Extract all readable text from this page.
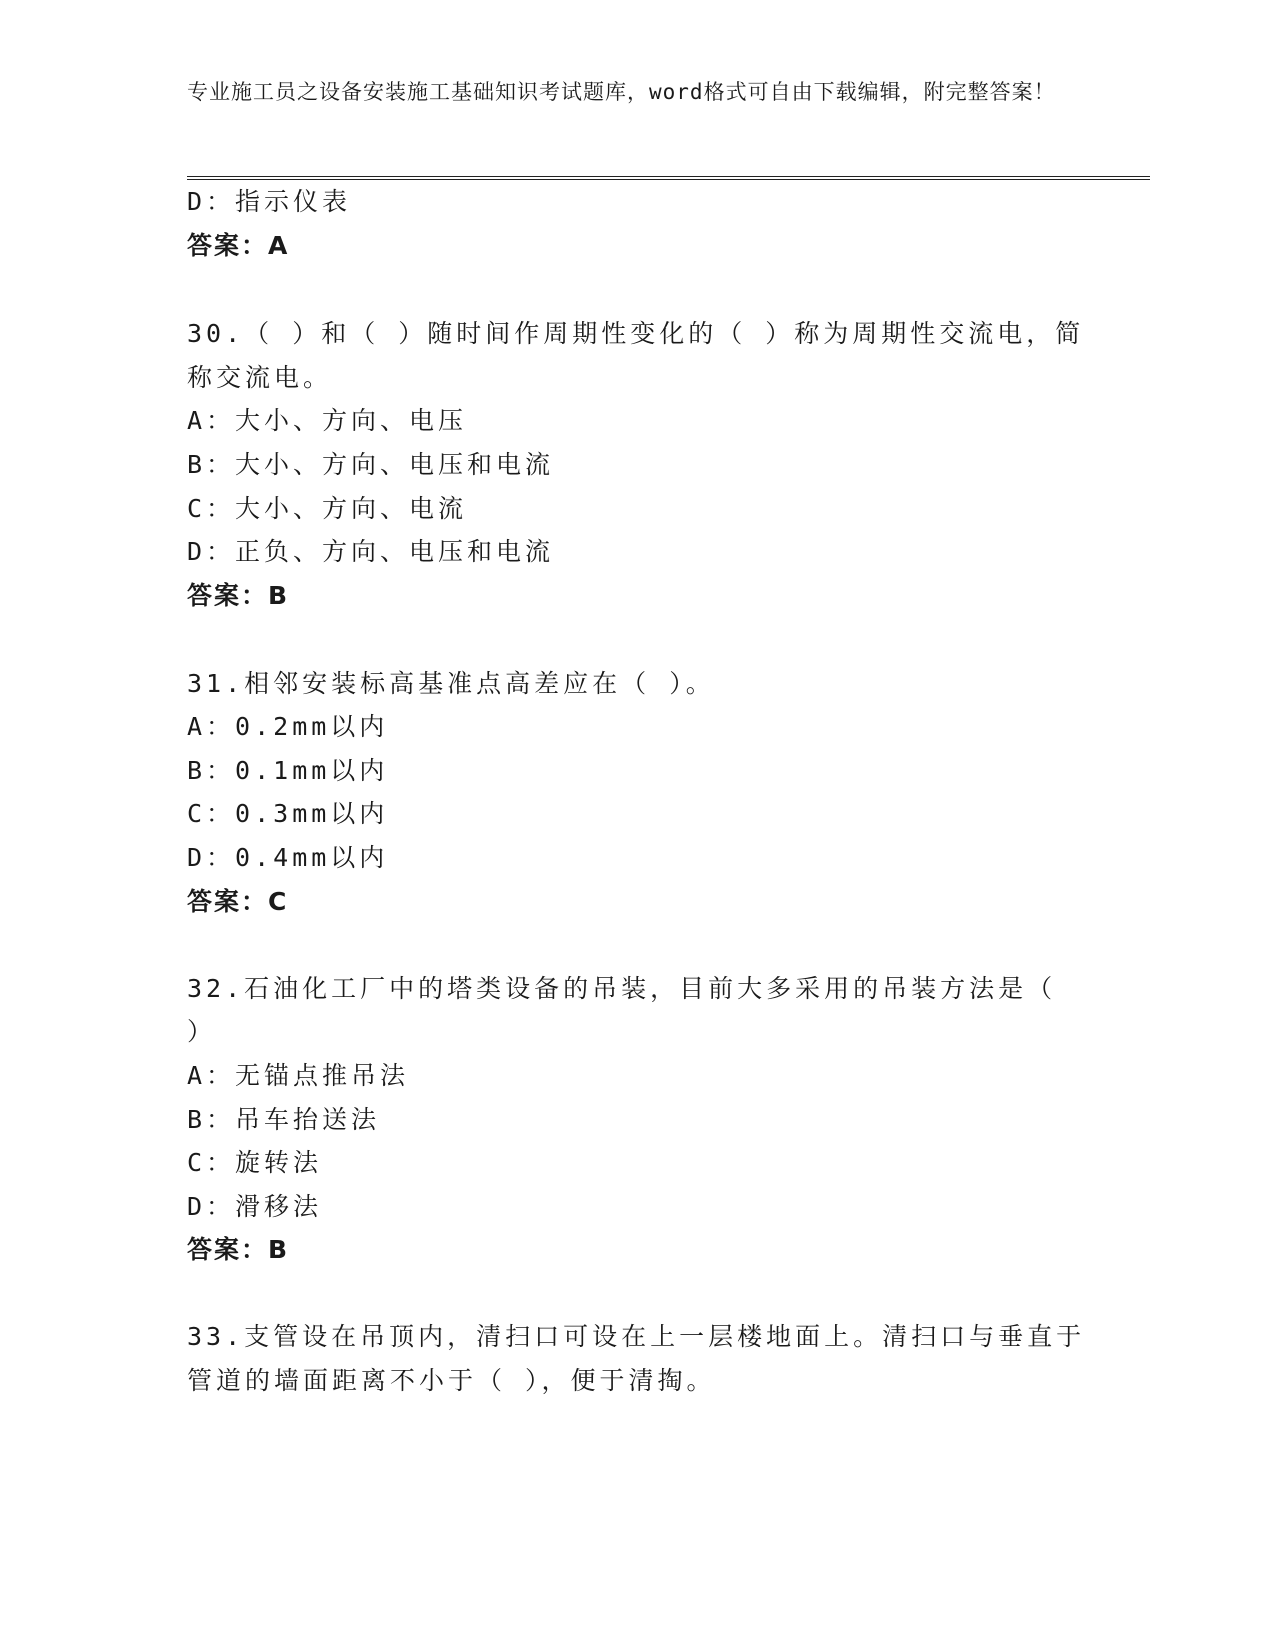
专业施工员之设备安装施工基础知识考试题库，word格式可自由下载编辑，附完整答案！
D：指示仪表
答案：A
30.（ ）和（ ）随时间作周期性变化的（ ）称为周期性交流电，简
称交流电。
A：大小、方向、电压
B：大小、方向、电压和电流
C：大小、方向、电流
D：正负、方向、电压和电流
答案：B
31.相邻安装标高基准点高差应在（ ）。
A：0.2mm以内
B：0.1mm以内
C：0.3mm以内
D：0.4mm以内
答案：C
32.石油化工厂中的塔类设备的吊装，目前大多采用的吊装方法是（
）
A：无锚点推吊法
B：吊车抬送法
C：旋转法
D：滑移法
答案：B
33.支管设在吊顶内，清扫口可设在上一层楼地面上。清扫口与垂直于
管道的墙面距离不小于（ ），便于清掏。
